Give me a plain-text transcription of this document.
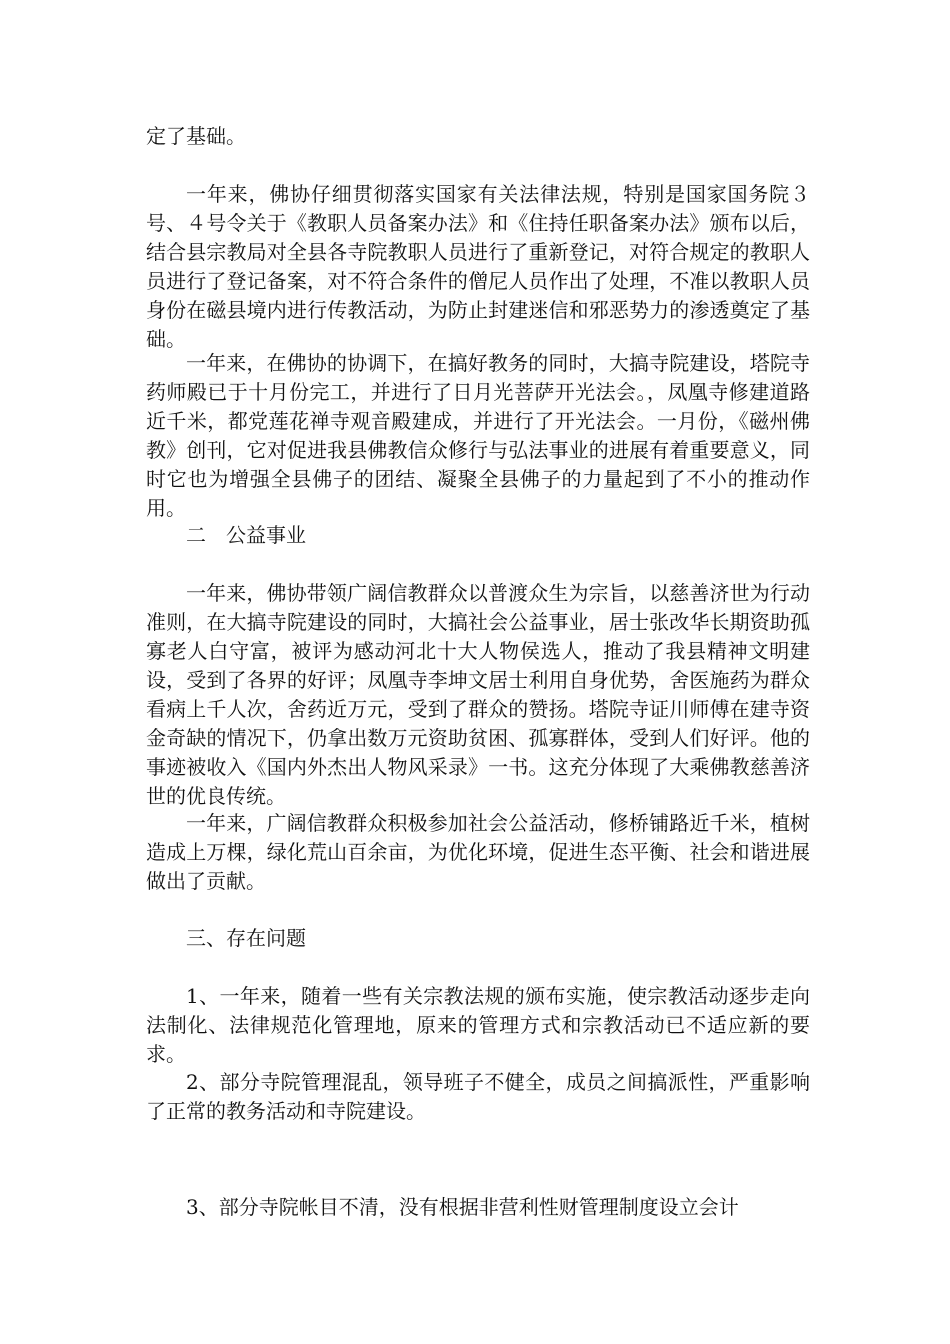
定了基础。

一年来，佛协仔细贯彻落实国家有关法律法规，特别是国家国务院３号、４号令关于《教职人员备案办法》和《住持任职备案办法》颁布以后，结合县宗教局对全县各寺院教职人员进行了重新登记，对符合规定的教职人员进行了登记备案，对不符合条件的僧尼人员作出了处理，不准以教职人员身份在磁县境内进行传教活动，为防止封建迷信和邪恶势力的渗透奠定了基础。

一年来，在佛协的协调下，在搞好教务的同时，大搞寺院建设，塔院寺药师殿已于十月份完工，并进行了日月光菩萨开光法会。，凤凰寺修建道路近千米，都党莲花禅寺观音殿建成，并进行了开光法会。一月份，《磁州佛教》创刊，它对促进我县佛教信众修行与弘法事业的进展有着重要意义，同时它也为增强全县佛子的团结、凝聚全县佛子的力量起到了不小的推动作用。

二　公益事业

一年来，佛协带领广阔信教群众以普渡众生为宗旨，以慈善济世为行动准则，在大搞寺院建设的同时，大搞社会公益事业，居士张改华长期资助孤寡老人白守富，被评为感动河北十大人物侯选人，推动了我县精神文明建设，受到了各界的好评；凤凰寺李坤文居士利用自身优势，舍医施药为群众看病上千人次，舍药近万元，受到了群众的赞扬。塔院寺证川师傅在建寺资金奇缺的情况下，仍拿出数万元资助贫困、孤寡群体，受到人们好评。他的事迹被收入《国内外杰出人物风采录》一书。这充分体现了大乘佛教慈善济世的优良传统。

一年来，广阔信教群众积极参加社会公益活动，修桥铺路近千米，植树造成上万棵，绿化荒山百余亩，为优化环境，促进生态平衡、社会和谐进展做出了贡献。

三、存在问题

1、一年来，随着一些有关宗教法规的颁布实施，使宗教活动逐步走向法制化、法律规范化管理地，原来的管理方式和宗教活动已不适应新的要求。

2、部分寺院管理混乱，领导班子不健全，成员之间搞派性，严重影响了正常的教务活动和寺院建设。

3、部分寺院帐目不清，没有根据非营利性财管理制度设立会计
